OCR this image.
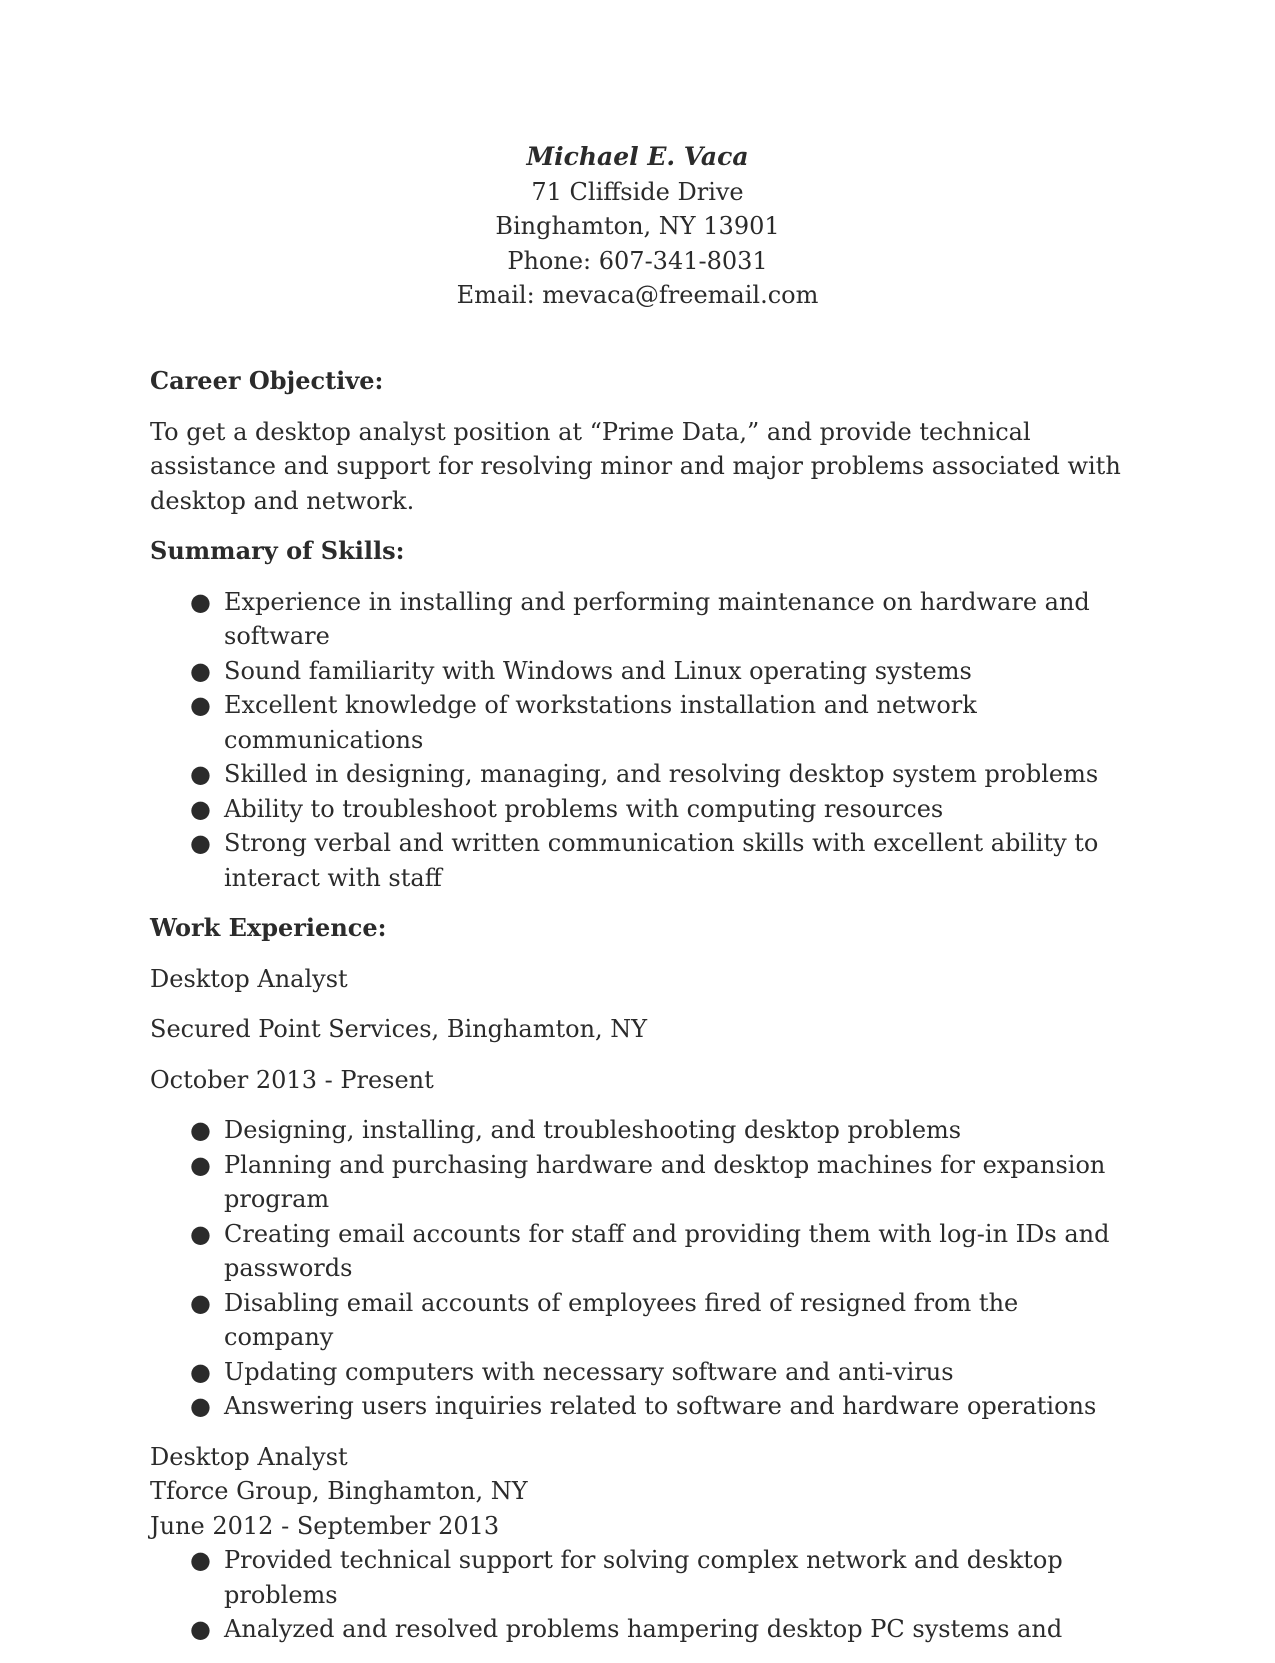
Michael E. Vaca
71 Cliffside Drive
Binghamton, NY 13901
Phone: 607-341-8031
Email: mevaca@freemail.com
Career Objective:
To get a desktop analyst position at “Prime Data,” and provide technical assistance and support for resolving minor and major problems associated with desktop and network.
Summary of Skills:
● Experience in installing and performing maintenance on hardware and software
● Sound familiarity with Windows and Linux operating systems
● Excellent knowledge of workstations installation and network communications
● Skilled in designing, managing, and resolving desktop system problems
● Ability to troubleshoot problems with computing resources
● Strong verbal and written communication skills with excellent ability to interact with staff
Work Experience:
Desktop Analyst
Secured Point Services, Binghamton, NY
October 2013 - Present
● Designing, installing, and troubleshooting desktop problems
● Planning and purchasing hardware and desktop machines for expansion program
● Creating email accounts for staff and providing them with log-in IDs and passwords
● Disabling email accounts of employees fired of resigned from the company
● Updating computers with necessary software and anti-virus
● Answering users inquiries related to software and hardware operations
Desktop Analyst
Tforce Group, Binghamton, NY
June 2012 - September 2013
● Provided technical support for solving complex network and desktop problems
● Analyzed and resolved problems hampering desktop PC systems and
